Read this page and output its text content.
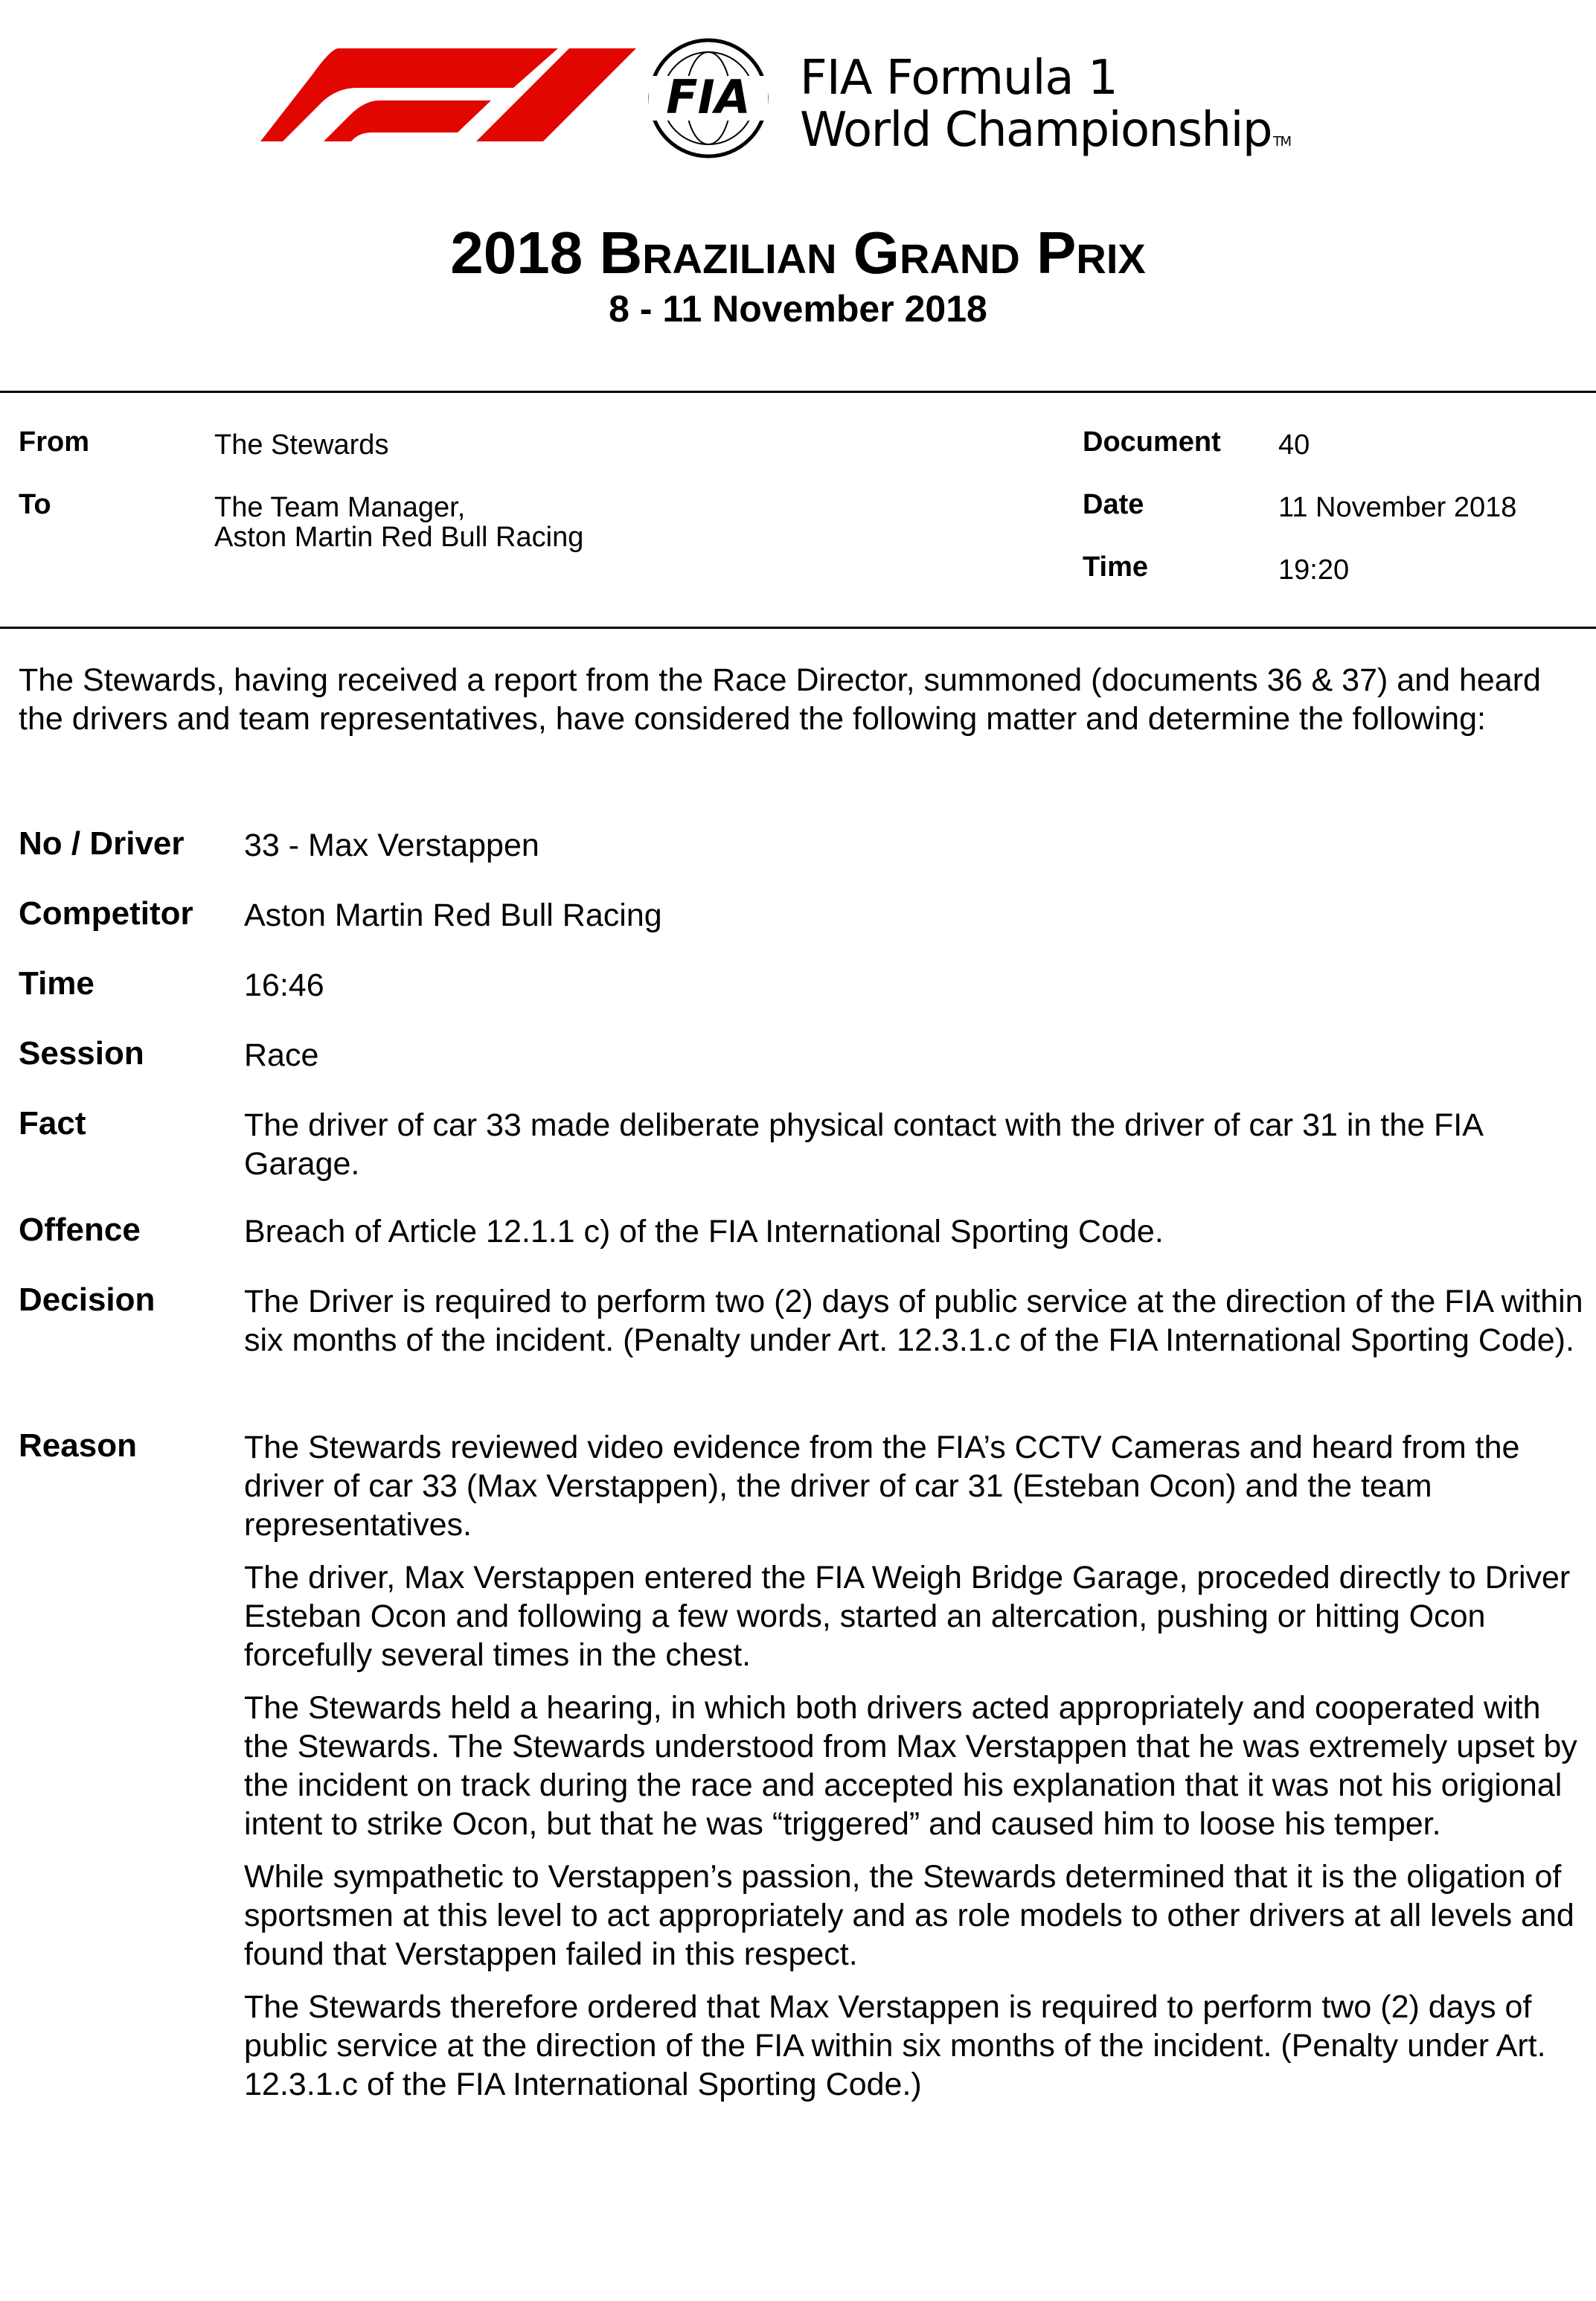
FIA FIA Formula 1
World Championship TM
2018 Brazilian Grand Prix
8 - 11 November 2018
From	The Stewards
To	The Team Manager,
Aston Martin Red Bull Racing
Document 40
Date	11 November 2018
Time	19:20
The Stewards, having received a report from the Race Director, summoned (documents 36 & 37) and heard the drivers and team representatives, have considered the following matter and determine the following:
No / Driver 33 - Max Verstappen
Competitor Aston Martin Red Bull Racing
Time	16:46
Session	Race
Fact	The driver of car 33 made deliberate physical contact with the driver of car 31 in the FIA Garage.
Offence	Breach of Article 12.1.1 c) of the FIA International Sporting Code.
Decision	The Driver is required to perform two (2) days of public service at the direction of the FIA within six months of the incident. (Penalty under Art. 12.3.1.c of the FIA International Sporting Code).
Reason	The Stewards reviewed video evidence from the FIA’s CCTV Cameras and heard from the driver of car 33 (Max Verstappen), the driver of car 31 (Esteban Ocon) and the team representatives.

The driver, Max Verstappen entered the FIA Weigh Bridge Garage, proceded directly to Driver Esteban Ocon and following a few words, started an altercation, pushing or hitting Ocon forcefully several times in the chest.

The Stewards held a hearing, in which both drivers acted appropriately and cooperated with the Stewards. The Stewards understood from Max Verstappen that he was extremely upset by the incident on track during the race and accepted his explanation that it was not his origional intent to strike Ocon, but that he was “triggered” and caused him to loose his temper.

While sympathetic to Verstappen’s passion, the Stewards determined that it is the oligation of sportsmen at this level to act appropriately and as role models to other drivers at all levels and found that Verstappen failed in this respect.

The Stewards therefore ordered that Max Verstappen is required to perform two (2) days of public service at the direction of the FIA within six months of the incident. (Penalty under Art. 12.3.1.c of the FIA International Sporting Code.)
